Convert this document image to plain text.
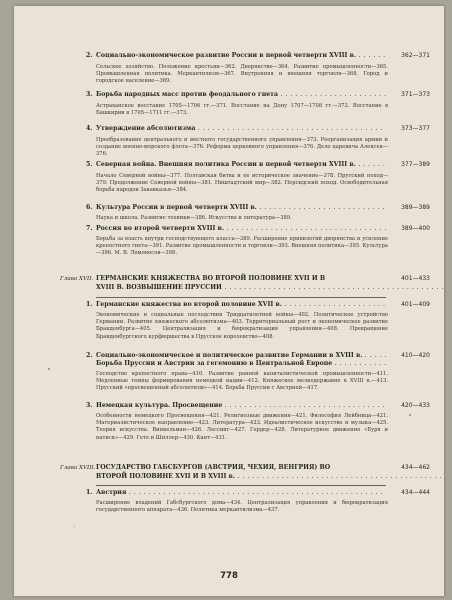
2. Социально-экономическое развитие России в первой четверти XVIII в. . . .	362—371
Сельское хозяйство. Положение крестьян—362. Дворянство—364. Развитие промышленности—365. Промышленная политика. Меркантилизм—367. Внутренняя и внешняя торговля—368. Город и городское население—369.
3. Борьба народных масс против феодального гнета . . .	371—373
Астраханское восстание 1705—1706 гг.—371. Восстание на Дону 1707—1708 гг.—372. Восстание в Башкирии в 1705—1711 гг.—373.
4. Утверждение абсолютизма . . .	373—377
Преобразование центрального и местного государственного управления—373. Реорганизация армии и создание военно-морского флота—376. Реформа церковного управления—376. Дело царевича Алексея—376.
5. Северная война. Внешняя политика России в первой четверти XVIII в. . . .	377—389
Начало Северной войны—377. Полтавская битва и ее историческое значение—378. Прутский поход—379. Продолжение Северной войны—381. Ништадтский мир—382. Персидский поход. Освободительная борьба народов Закавказья—384.
6. Культура России в первой четверти XVIII в. . . .	389—389
Наука и школа. Развитие техники—386. Искусство и литература—389.
7. Россия во второй четверти XVIII в. . . .	389—400
Борьба за власть внутри господствующего класса—389. Расширение привилегий дворянства и усиление крепостного гнета—391. Развитие промышленности и торговли—393. Внешняя политика—395. Культура—396. М. В. Ломоносов—398.
Глава XVII. ГЕРМАНСКИЕ КНЯЖЕСТВА ВО ВТОРОЙ ПОЛОВИНЕ XVII И В	401—433
XVIII В. ВОЗВЫШЕНИЕ ПРУССИИ . . .
1. Германские княжества во второй половине XVII в. . . .	401—409
Экономические и социальные последствия Тридцатилетней войны—402. Политическое устройство Германии. Развитие княжеского абсолютизма—403. Территориальный рост и экономическое развитие Бранденбурга—405. Централизация и бюрократизация управления—408. Превращение Бранденбургского курфюршества в Прусское королевство—408.
2. Социально-экономическое и политическое развитие Германии в XVIII в. . . .	410—420
Борьба Пруссии и Австрии за гегемонию в Центральной Европе . . .
Господство крепостного права—410. Развитие ранней капиталистической промышленности—411. Медленные темпы формирования немецкой нации—412. Княжеское мелкодержавие в XVIII в.—413. Прусский «просвещенный абсолютизм»—414. Борьба Пруссии с Австрией—417.
3. Немецкая культура. Просвещение . . .	420—433
Особенности немецкого Просвещения—421. Религиозные движения—421. Философия Лейбница—421. Материалистическое направление—423. Литература—423. Идеалистическое искусство и музыка—425. Теория искусства. Винкельман—426. Лессинг—427. Гердер—428. Литературное движение «Буря и натиск»—429. Гете и Шиллер—430. Кант—431.
Глава XVIII. ГОСУДАРСТВО ГАБСБУРГОВ (АВСТРИЯ, ЧЕХИЯ, ВЕНГРИЯ) ВО	434—462
ВТОРОЙ ПОЛОВИНЕ XVII И В XVIII в. . . .
1. Австрия . . .	434—444
Расширение владений Габсбургского дома—434. Централизация управления и бюрократизация государственного аппарата—436. Политика меркантилизма—437.
778
